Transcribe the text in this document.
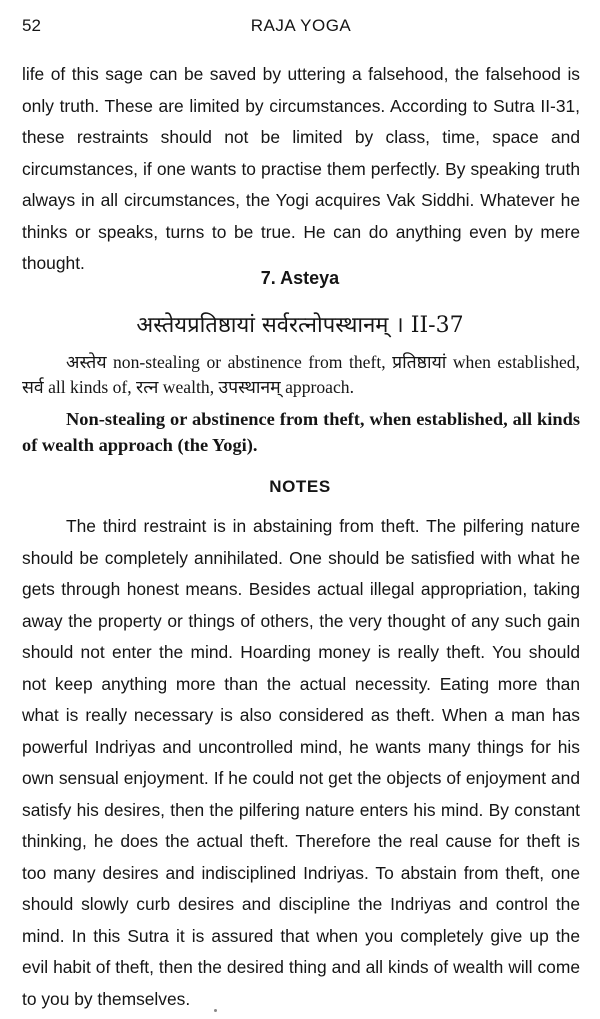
52	RAJA YOGA

life of this sage can be saved by uttering a falsehood, the falsehood is only truth. These are limited by circumstances. According to Sutra II-31, these restraints should not be limited by class, time, space and circumstances, if one wants to practise them perfectly. By speaking truth always in all circumstances, the Yogi acquires Vak Siddhi. Whatever he thinks or speaks, turns to be true. He can do anything even by mere thought.

7. Asteya

अस्तेयप्रतिष्ठायां सर्वरत्नोपस्थानम् । II-37

अस्तेय non-stealing or abstinence from theft, प्रतिष्ठायां when established, सर्व all kinds of, रत्न wealth, उपस्थानम् approach.

Non-stealing or abstinence from theft, when established, all kinds of wealth approach (the Yogi).

NOTES

The third restraint is in abstaining from theft. The pilfering nature should be completely annihilated. One should be satisfied with what he gets through honest means. Besides actual illegal appropriation, taking away the property or things of others, the very thought of any such gain should not enter the mind. Hoarding money is really theft. You should not keep anything more than the actual necessity. Eating more than what is really necessary is also considered as theft. When a man has powerful Indriyas and uncontrolled mind, he wants many things for his own sensual enjoyment. If he could not get the objects of enjoyment and satisfy his desires, then the pilfering nature enters his mind. By constant thinking, he does the actual theft. Therefore the real cause for theft is too many desires and indisciplined Indriyas. To abstain from theft, one should slowly curb desires and discipline the Indriyas and control the mind. In this Sutra it is assured that when you completely give up the evil habit of theft, then the desired thing and all kinds of wealth will come to you by themselves.
